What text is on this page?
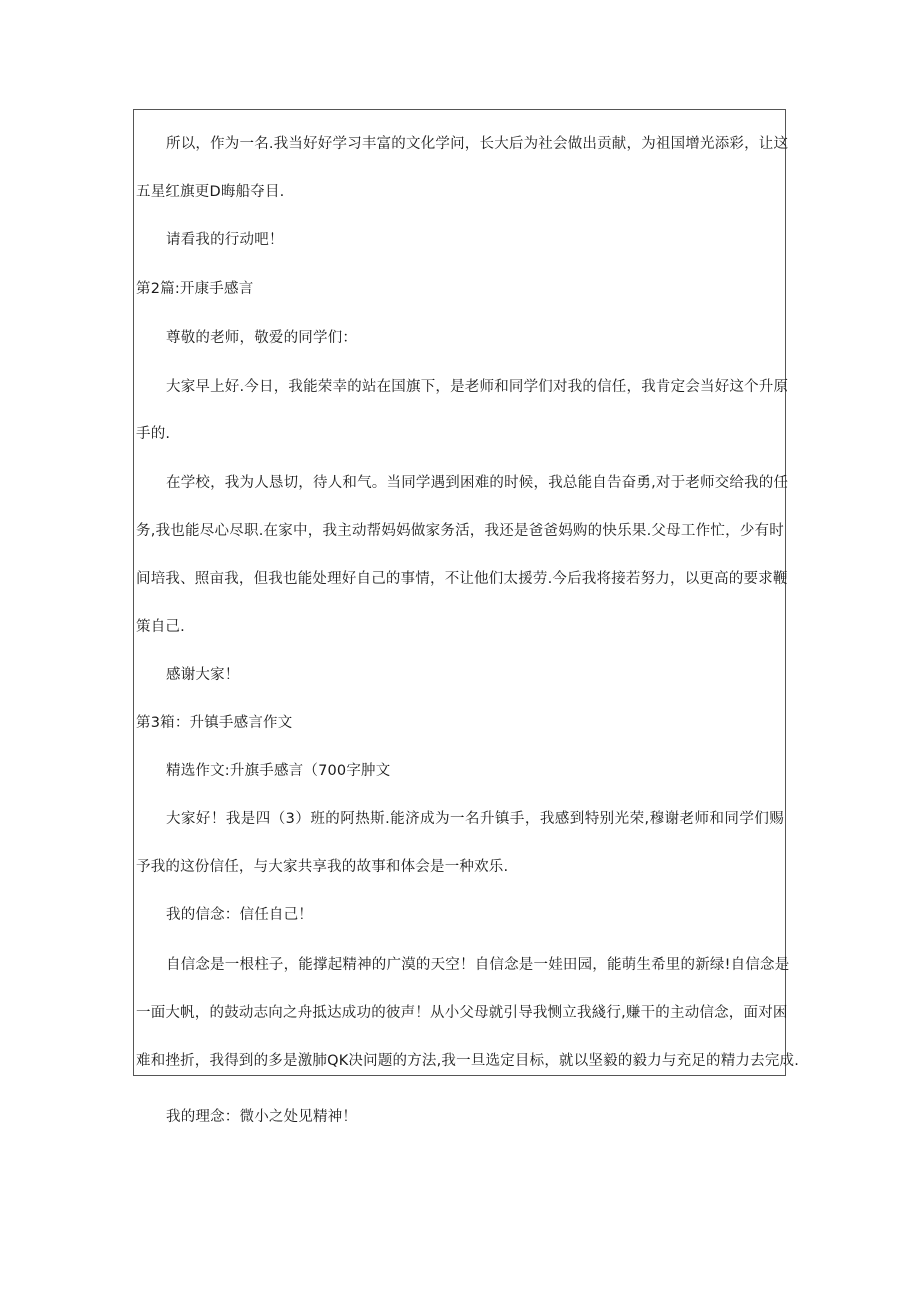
所以，作为一名.我当好好学习丰富的文化学问，长大后为社会做出贡献，为祖国增光添彩，让这
五星红旗更D晦船夺目.
请看我的行动吧！
第2篇:开康手感言
尊敬的老师，敬爱的同学们：
大家早上好.今日，我能荣幸的站在国旗下，是老师和同学们对我的信任，我肯定会当好这个升原
手的.
在学校，我为人恳切，待人和气。当同学遇到困难的时候，我总能自告奋勇,对于老师交给我的任
务,我也能尽心尽职.在家中，我主动帮妈妈做家务活，我还是爸爸妈购的快乐果.父母工作忙，少有时
间培我、照亩我，但我也能处理好自己的事情，不让他们太援劳.今后我将接若努力，以更高的要求鞭
策自己.
感谢大家！
第3箱：升镇手感言作文
精选作文:升旗手感言（700字肿文
大家好！我是四（3）班的阿热斯.能济成为一名升镇手，我感到特别光荣,穆谢老师和同学们赐
予我的这份信任，与大家共享我的故事和体会是一种欢乐.
我的信念：信任自己！
自信念是一根柱子，能撑起精神的广漠的天空！自信念是一娃田园，能萌生希里的新绿!自信念是
一面大帆，的鼓动志向之舟抵达成功的彼声！从小父母就引导我恻立我綫行,赚干的主动信念，面对困
难和挫折，我得到的多是激肺QK决问题的方法,我一旦选定目标，就以坚毅的毅力与充足的精力去完成.
我的理念：微小之处见精神！
